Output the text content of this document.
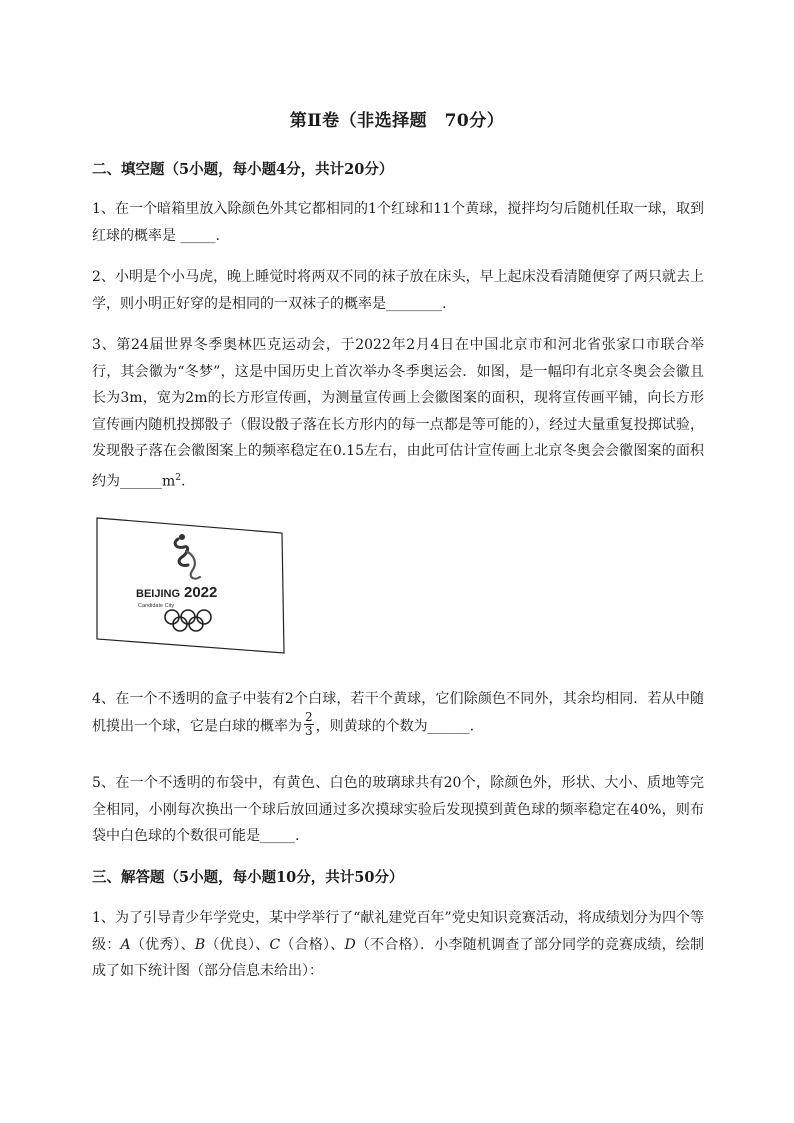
第Ⅱ卷（非选择题　70分）
二、填空题（5小题，每小题4分，共计20分）
1、在一个暗箱里放入除颜色外其它都相同的1个红球和11个黄球，搅拌均匀后随机任取一球，取到红球的概率是 _____.
2、小明是个小马虎，晚上睡觉时将两双不同的袜子放在床头，早上起床没看清随便穿了两只就去上学，则小明正好穿的是相同的一双袜子的概率是________.
3、第24届世界冬季奥林匹克运动会，于2022年2月4日在中国北京市和河北省张家口市联合举行，其会徽为“冬梦”，这是中国历史上首次举办冬季奥运会．如图，是一幅印有北京冬奥会会徽且长为3m，宽为2m的长方形宣传画，为测量宣传画上会徽图案的面积，现将宣传画平铺，向长方形宣传画内随机投掷骰子（假设骰子落在长方形内的每一点都是等可能的），经过大量重复投掷试验，发现骰子落在会徽图案上的频率稳定在0.15左右，由此可估计宣传画上北京冬奥会会徽图案的面积约为$\_\_\_\_\_\_m^2$.
BEIJING 2022
Candidate City
4、在一个不透明的盒子中装有2个白球，若干个黄球，它们除颜色不同外，其余均相同．若从中随机摸出一个球，它是白球的概率为 $\frac{2}{3}$ ，则黄球的个数为______.
5、在一个不透明的布袋中，有黄色、白色的玻璃球共有20个，除颜色外，形状、大小、质地等完全相同，小刚每次换出一个球后放回通过多次摸球实验后发现摸到黄色球的频率稳定在40%，则布袋中白色球的个数很可能是_____.
三、解答题（5小题，每小题10分，共计50分）
1、为了引导青少年学党史，某中学举行了“献礼建党百年”党史知识竞赛活动，将成绩划分为四个等级：A（优秀）、B（优良）、C（合格）、D（不合格）．小李随机调查了部分同学的竞赛成绩，绘制成了如下统计图（部分信息未给出）：
